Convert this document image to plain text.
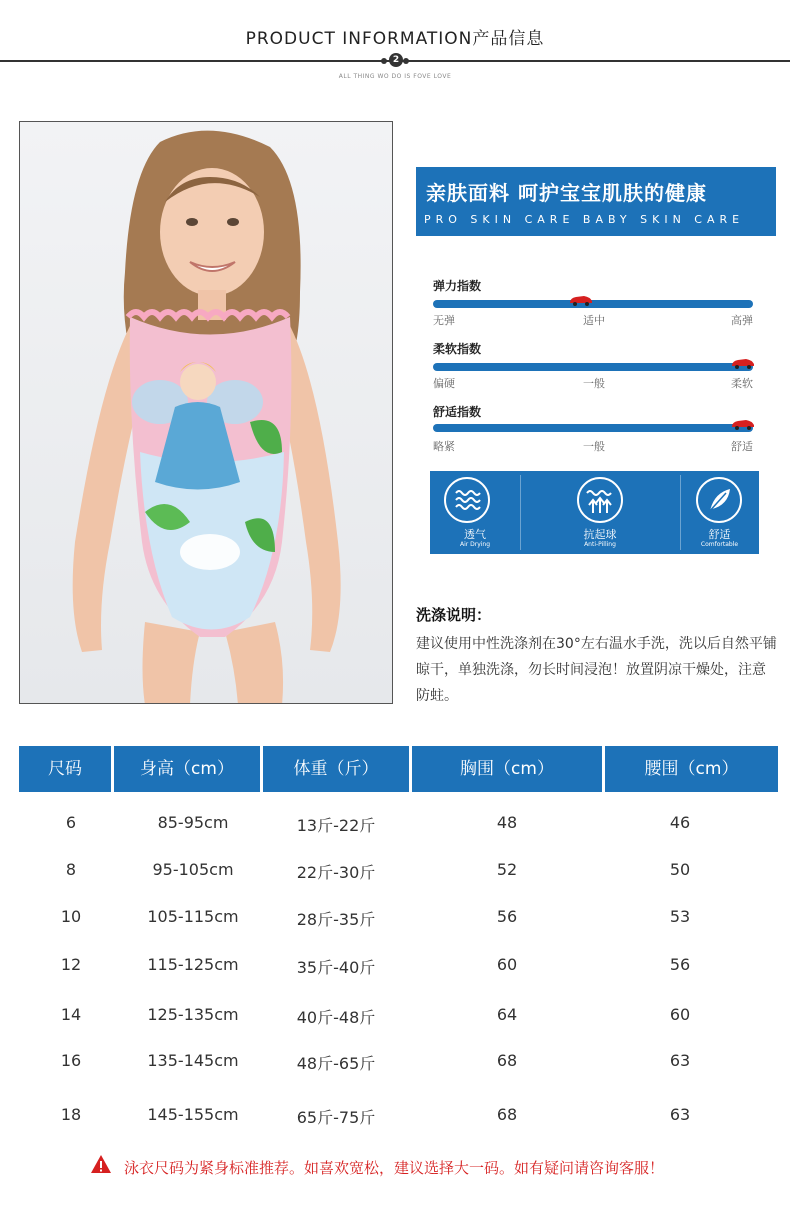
PRODUCT INFORMATION产品信息
2
ALL THING WO DO IS FOVE LOVE
亲肤面料 呵护宝宝肌肤的健康
PRO SKIN CARE BABY SKIN CARE
弹力指数
无弹	适中	高弹
柔软指数
偏硬	一般	柔软
舒适指数
略紧	一般	舒适
透气
Air Drying
抗起球
Anti-Pilling
舒适
Comfortable
洗涤说明：
建议使用中性洗涤剂在30°左右温水手洗，洗以后自然平铺晾干，单独洗涤，勿长时间浸泡！放置阴凉干燥处，注意防蛀。
尺码	身高（cm）	体重（斤）	胸围（cm）	腰围（cm）
6	85-95cm	13斤-22斤	48	46
8	95-105cm	22斤-30斤	52	50
10	105-115cm	28斤-35斤	56	53
12	115-125cm	35斤-40斤	60	56
14	125-135cm	40斤-48斤	64	60
16	135-145cm	48斤-65斤	68	63
18	145-155cm	65斤-75斤	68	63
泳衣尺码为紧身标准推荐。如喜欢宽松，建议选择大一码。如有疑问请咨询客服！
